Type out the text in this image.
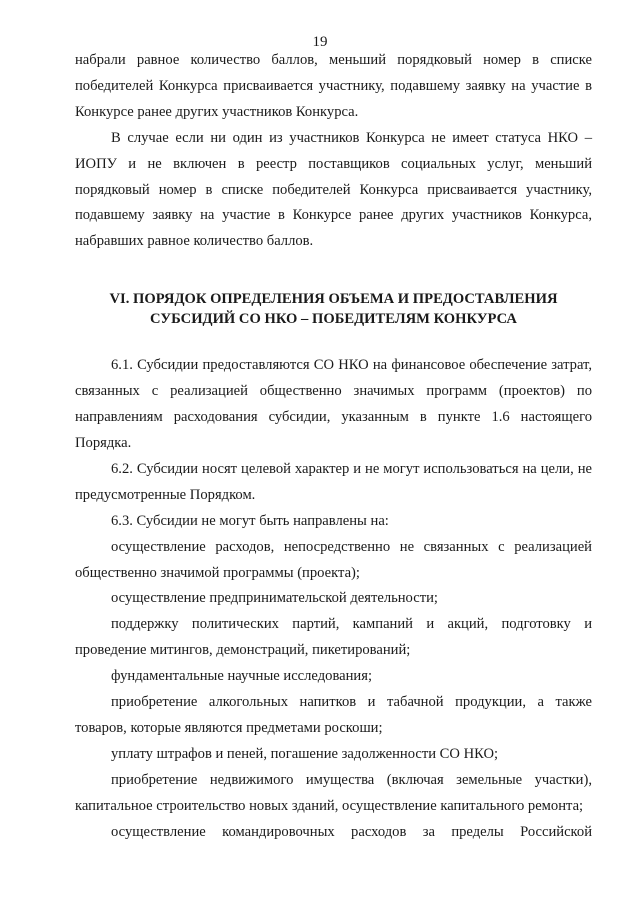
19

набрали равное количество баллов, меньший порядковый номер в списке победителей Конкурса присваивается участнику, подавшему заявку на участие в Конкурсе ранее других участников Конкурса.

В случае если ни один из участников Конкурса не имеет статуса НКО – ИОПУ и не включен в реестр поставщиков социальных услуг, меньший порядковый номер в списке победителей Конкурса присваивается участнику, подавшему заявку на участие в Конкурсе ранее других участников Конкурса, набравших равное количество баллов.

VI. ПОРЯДОК ОПРЕДЕЛЕНИЯ ОБЪЕМА И ПРЕДОСТАВЛЕНИЯ СУБСИДИЙ СО НКО – ПОБЕДИТЕЛЯМ КОНКУРСА

6.1. Субсидии предоставляются СО НКО на финансовое обеспечение затрат, связанных с реализацией общественно значимых программ (проектов) по направлениям расходования субсидии, указанным в пункте 1.6 настоящего Порядка.

6.2. Субсидии носят целевой характер и не могут использоваться на цели, не предусмотренные Порядком.

6.3. Субсидии не могут быть направлены на:

осуществление расходов, непосредственно не связанных с реализацией общественно значимой программы (проекта);

осуществление предпринимательской деятельности;

поддержку политических партий, кампаний и акций, подготовку и проведение митингов, демонстраций, пикетирований;

фундаментальные научные исследования;

приобретение алкогольных напитков и табачной продукции, а также товаров, которые являются предметами роскоши;

уплату штрафов и пеней, погашение задолженности СО НКО;

приобретение недвижимого имущества (включая земельные участки), капитальное строительство новых зданий, осуществление капитального ремонта;

осуществление командировочных расходов за пределы Российской
